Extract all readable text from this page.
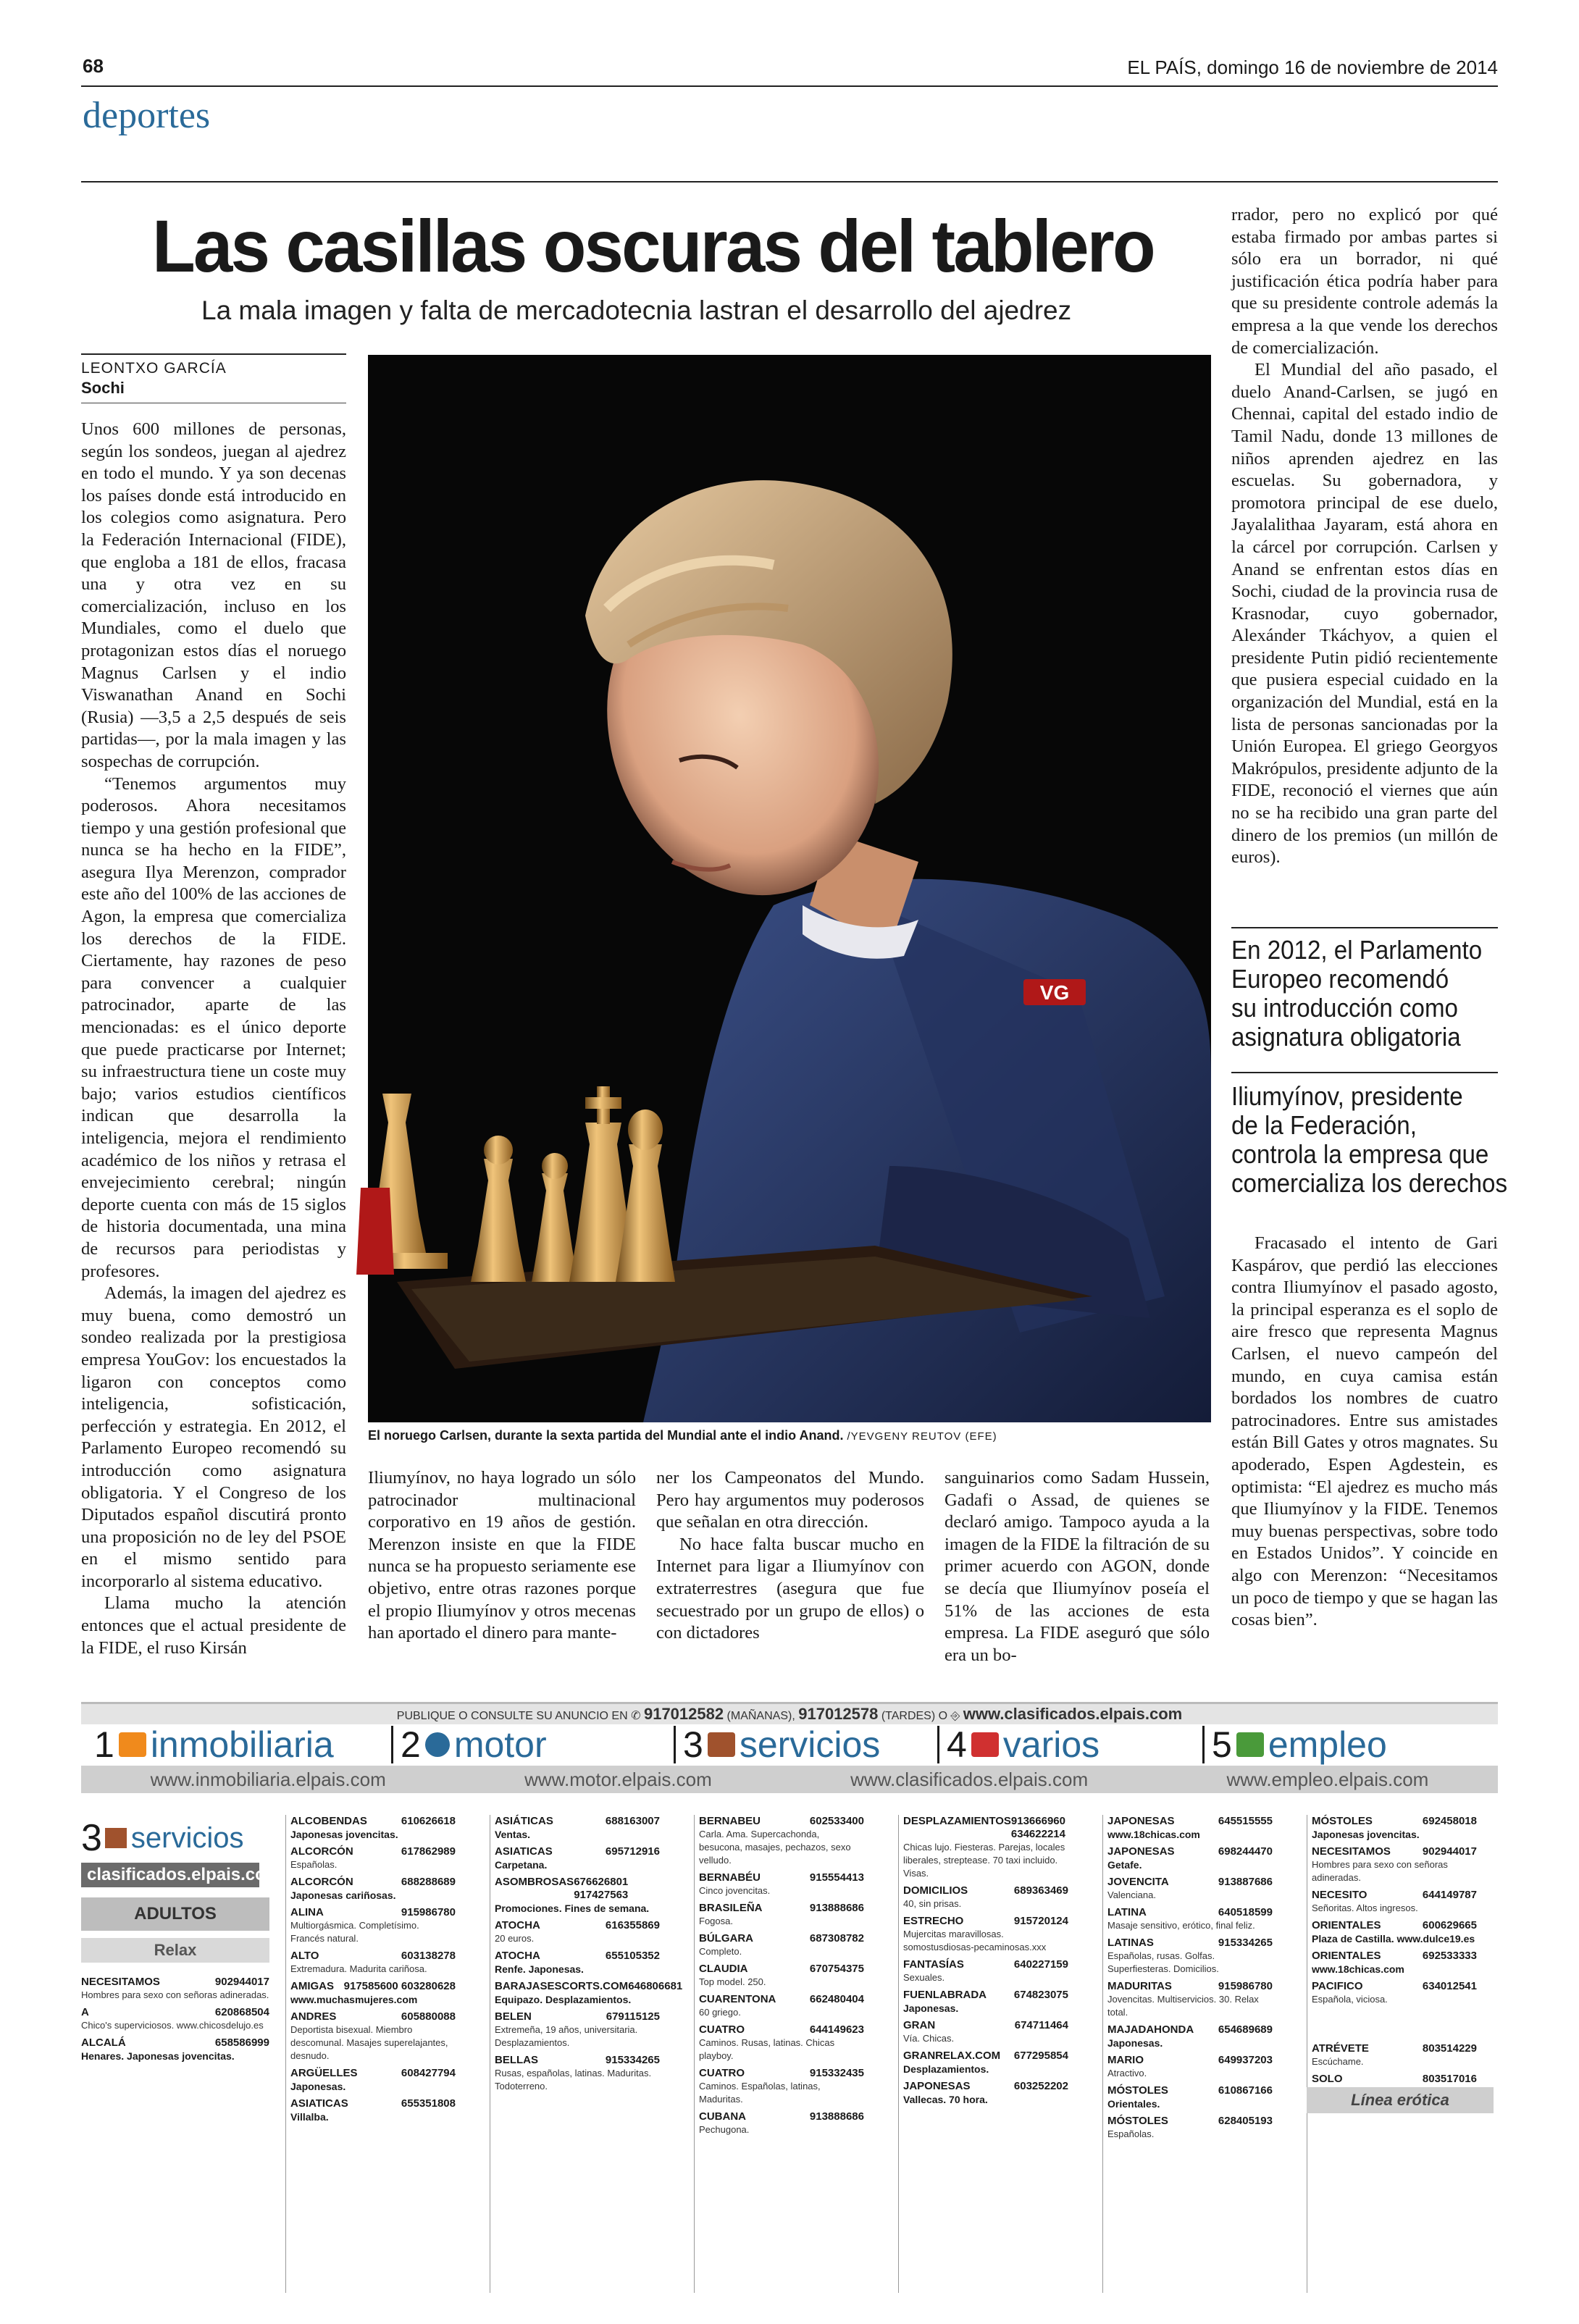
68	EL PAÍS, domingo 16 de noviembre de 2014
deportes
Las casillas oscuras del tablero
La mala imagen y falta de mercadotecnia lastran el desarrollo del ajedrez
LEONTXO GARCÍA
Sochi

Unos 600 millones de personas, según los sondeos, juegan al ajedrez en todo el mundo. Y ya son decenas los países donde está introducido en los colegios como asignatura. Pero la Federación Internacional (FIDE), que engloba a 181 de ellos, fracasa una y otra vez en su comercialización, incluso en los Mundiales, como el duelo que protagonizan estos días el noruego Magnus Carlsen y el indio Viswanathan Anand en Sochi (Rusia) —3,5 a 2,5 después de seis partidas—, por la mala imagen y las sospechas de corrupción.

“Tenemos argumentos muy poderosos. Ahora necesitamos tiempo y una gestión profesional que nunca se ha hecho en la FIDE”, asegura Ilya Merenzon, comprador este año del 100% de las acciones de Agon, la empresa que comercializa los derechos de la FIDE. Ciertamente, hay razones de peso para convencer a cualquier patrocinador, aparte de las mencionadas: es el único deporte que puede practicarse por Internet; su infraestructura tiene un coste muy bajo; varios estudios científicos indican que desarrolla la inteligencia, mejora el rendimiento académico de los niños y retrasa el envejecimiento cerebral; ningún deporte cuenta con más de 15 siglos de historia documentada, una mina de recursos para periodistas y profesores.

Además, la imagen del ajedrez es muy buena, como demostró un sondeo realizada por la prestigiosa empresa YouGov: los encuestados la ligaron con conceptos como inteligencia, sofisticación, perfección y estrategia. En 2012, el Parlamento Europeo recomendó su introducción como asignatura obligatoria. Y el Congreso de los Diputados español discutirá pronto una proposición no de ley del PSOE en el mismo sentido para incorporarlo al sistema educativo.

Llama mucho la atención entonces que el actual presidente de la FIDE, el ruso Kirsán

VG
El noruego Carlsen, durante la sexta partida del Mundial ante el indio Anand. /YEVGENY REUTOV (EFE)

Iliumyínov, no haya logrado un sólo patrocinador multinacional corporativo en 19 años de gestión. Merenzon insiste en que la FIDE nunca se ha propuesto seriamente ese objetivo, entre otras razones porque el propio Iliumyínov y otros mecenas han aportado el dinero para mante-

ner los Campeonatos del Mundo. Pero hay argumentos muy poderosos que señalan en otra dirección.

No hace falta buscar mucho en Internet para ligar a Iliumyínov con extraterrestres (asegura que fue secuestrado por un grupo de ellos) o con dictadores

sanguinarios como Sadam Hussein, Gadafi o Assad, de quienes se declaró amigo. Tampoco ayuda a la imagen de la FIDE la filtración de su primer acuerdo con AGON, donde se decía que Iliumyínov poseía el 51% de las acciones de esta empresa. La FIDE aseguró que sólo era un bo-

rrador, pero no explicó por qué estaba firmado por ambas partes si sólo era un borrador, ni qué justificación ética podría haber para que su presidente controle además la empresa a la que vende los derechos de comercialización.

El Mundial del año pasado, el duelo Anand-Carlsen, se jugó en Chennai, capital del estado indio de Tamil Nadu, donde 13 millones de niños aprenden ajedrez en las escuelas. Su gobernadora, y promotora principal de ese duelo, Jayalalithaa Jayaram, está ahora en la cárcel por corrupción. Carlsen y Anand se enfrentan estos días en Sochi, ciudad de la provincia rusa de Krasnodar, cuyo gobernador, Alexánder Tkáchyov, a quien el presidente Putin pidió recientemente que pusiera especial cuidado en la organización del Mundial, está en la lista de personas sancionadas por la Unión Europea. El griego Georgyos Makrópulos, presidente adjunto de la FIDE, reconoció el viernes que aún no se ha recibido una gran parte del dinero de los premios (un millón de euros).

En 2012, el Parlamento
Europeo recomendó
su introducción como
asignatura obligatoria
Iliumyínov, presidente
de la Federación,
controla la empresa que
comercializa los derechos

Fracasado el intento de Gari Kaspárov, que perdió las elecciones contra Iliumyínov el pasado agosto, la principal esperanza es el soplo de aire fresco que representa Magnus Carlsen, el nuevo campeón del mundo, en cuya camisa están bordados los nombres de cuatro patrocinadores. Entre sus amistades están Bill Gates y otros magnates. Su apoderado, Espen Agdestein, es optimista: “El ajedrez es mucho más que Iliumyínov y la FIDE. Tenemos muy buenas perspectivas, sobre todo en Estados Unidos”. Y coincide en algo con Merenzon: “Necesitamos un poco de tiempo y que se hagan las cosas bien”.

PUBLIQUE O CONSULTE SU ANUNCIO EN ✆ 917012582 (MAÑANAS), 917012578 (TARDES) O ⎆ www.clasificados.elpais.com
1 inmobiliaria 2 motor	3 servicios 4 varios	5 empleo
www.inmobiliaria.elpais.com	www.motor.elpais.com	www.clasificados.elpais.com	www.empleo.elpais.com
ALCOBENDAS	610626618
Japonesas jovencitas.
ALCORCÓN	617862989
Españolas.
ALCORCÓN	688288689
Japonesas cariñosas.
ALINA	915986780
Multiorgásmica. Completísimo. Francés natural.
ALTO	603138278
Extremadura. Madurita cariñosa.
AMIGAS 917585600 603280628
www.muchasmujeres.com
ANDRES	605880088
Deportista bisexual. Miembro descomunal. Masajes superelajantes, desnudo.
ARGÜELLES	608427794
Japonesas.
ASIATICAS	655351808
Villalba.
ASIÁTICAS	688163007
Ventas.
ASIATICAS	695712916
Carpetana.
ASOMBROSAS 676626801 917427563
Promociones. Fines de semana.
ATOCHA	616355869
20 euros.
ATOCHA	655105352
Renfe. Japonesas.
BARAJASESCORTS.COM 646806681
Equipazo. Desplazamientos.
BELEN	679115125
Extremeña, 19 años, universitaria. Desplazamientos.
BELLAS	915334265
Rusas, españolas, latinas. Maduritas. Todoterreno.
BERNABEU	602533400
Carla. Ama. Supercachonda, besucona, masajes, pechazos, sexo velludo.
BERNABÉU	915554413
Cinco jovencitas.
BRASILEÑA	913888686
Fogosa.
BÚLGARA	687308782
Completo.
CLAUDIA	670754375
Top model. 250.
CUARENTONA	662480404
60 griego.
CUATRO	644149623
Caminos. Rusas, latinas. Chicas playboy.
CUATRO	915332435
Caminos. Españolas, latinas, Maduritas.
CUBANA	913888686
Pechugona.
DESPLAZAMIENTOS 913666960 634622214
Chicas lujo. Fiesteras. Parejas, locales liberales, streptease. 70 taxi incluido. Visas.
DOMICILIOS	689363469
40, sin prisas.
ESTRECHO	915720124
Mujercitas maravillosas. somostusdiosas-pecaminosas.xxx
FANTASÍAS	640227159
Sexuales.
FUENLABRADA	674823075
Japonesas.
GRAN	674711464
Vía. Chicas.
GRANRELAX.COM 677295854
Desplazamientos.
JAPONESAS	603252202
Vallecas. 70 hora.
JAPONESAS	645515555
www.18chicas.com
JAPONESAS	698244470
Getafe.
JOVENCITA	913887686
Valenciana.
LATINA	640518599
Masaje sensitivo, erótico, final feliz.
LATINAS	915334265
Españolas, rusas. Golfas. Superfiesteras. Domicilios.
MADURITAS	915986780
Jovencitas. Multiservicios. 30. Relax total.
MAJADAHONDA 654689689
Japonesas.
MARIO	649937203
Atractivo.
MÓSTOLES	610867166
Orientales.
MÓSTOLES	628405193
Españolas.
MÓSTOLES	692458018
Japonesas jovencitas.
NECESITAMOS	902944017
Hombres para sexo con señoras adineradas.
NECESITO	644149787
Señoritas. Altos ingresos.
ORIENTALES	600629665
Plaza de Castilla. www.dulce19.es
ORIENTALES	692533333
www.18chicas.com
PACIFICO	634012541
Española, viciosa.
ATRÉVETE	803514229
Escúchame.
SOLO	803517016
3 servicios
clasificados.elpais.com
ADULTOS
Relax
NECESITAMOS	902944017
Hombres para sexo con señoras adineradas.
A	620868504
Chico's superviciosos. www.chicosdelujo.es
ALCALÁ	658586999
Henares. Japonesas jovencitas.
Línea erótica
